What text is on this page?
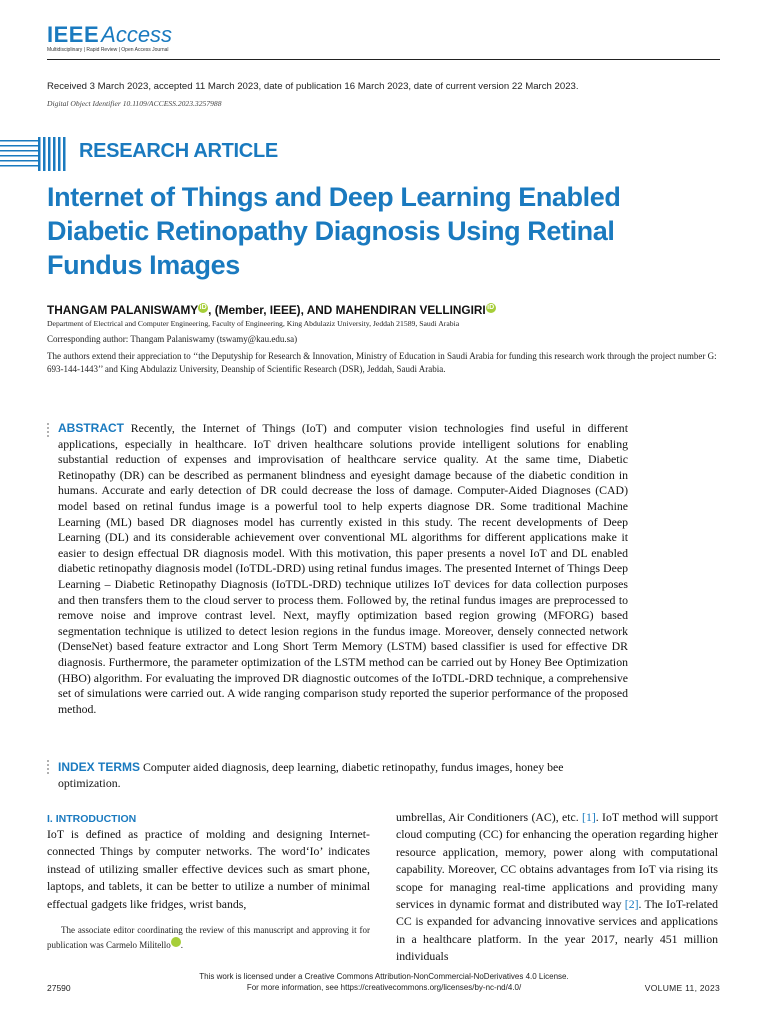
IEEEAccess
Multidisciplinary | Rapid Review | Open Access Journal
Received 3 March 2023, accepted 11 March 2023, date of publication 16 March 2023, date of current version 22 March 2023.
Digital Object Identifier 10.1109/ACCESS.2023.3257988
RESEARCH ARTICLE
Internet of Things and Deep Learning Enabled Diabetic Retinopathy Diagnosis Using Retinal Fundus Images
THANGAM PALANISWAMY iD , (Member, IEEE), AND MAHENDIRAN VELLINGIRI iD
Department of Electrical and Computer Engineering, Faculty of Engineering, King Abdulaziz University, Jeddah 21589, Saudi Arabia
Corresponding author: Thangam Palaniswamy (tswamy@kau.edu.sa)
The authors extend their appreciation to ‘‘the Deputyship for Research & Innovation, Ministry of Education in Saudi Arabia for funding this research work through the project number G: 693-144-1443’’ and King Abdulaziz University, Deanship of Scientific Research (DSR), Jeddah, Saudi Arabia.
ABSTRACT Recently, the Internet of Things (IoT) and computer vision technologies find useful in different applications, especially in healthcare. IoT driven healthcare solutions provide intelligent solutions for enabling substantial reduction of expenses and improvisation of healthcare service quality. At the same time, Diabetic Retinopathy (DR) can be described as permanent blindness and eyesight damage because of the diabetic condition in humans. Accurate and early detection of DR could decrease the loss of damage. Computer-Aided Diagnoses (CAD) model based on retinal fundus image is a powerful tool to help experts diagnose DR. Some traditional Machine Learning (ML) based DR diagnoses model has currently existed in this study. The recent developments of Deep Learning (DL) and its considerable achievement over conventional ML algorithms for different applications make it easier to design effectual DR diagnosis model. With this motivation, this paper presents a novel IoT and DL enabled diabetic retinopathy diagnosis model (IoTDL-DRD) using retinal fundus images. The presented Internet of Things Deep Learning – Diabetic Retinopathy Diagnosis (IoTDL-DRD) technique utilizes IoT devices for data collection purposes and then transfers them to the cloud server to process them. Followed by, the retinal fundus images are preprocessed to remove noise and improve contrast level. Next, mayfly optimization based region growing (MFORG) based segmentation technique is utilized to detect lesion regions in the fundus image. Moreover, densely connected network (DenseNet) based feature extractor and Long Short Term Memory (LSTM) based classifier is used for effective DR diagnosis. Furthermore, the parameter optimization of the LSTM method can be carried out by Honey Bee Optimization (HBO) algorithm. For evaluating the improved DR diagnostic outcomes of the IoTDL-DRD technique, a comprehensive set of simulations were carried out. A wide ranging comparison study reported the superior performance of the proposed method.
INDEX TERMS Computer aided diagnosis, deep learning, diabetic retinopathy, fundus images, honey bee optimization.
I. INTRODUCTION
IoT is defined as practice of molding and designing Internet-connected Things by computer networks. The word‘Io’ indicates instead of utilizing smaller effective devices such as smart phone, laptops, and tablets, it can be better to utilize a number of minimal effectual gadgets like fridges, wrist bands,

The associate editor coordinating the review of this manuscript and approving it for publication was Carmelo Militello iD.

umbrellas, Air Conditioners (AC), etc. [1]. IoT method will support cloud computing (CC) for enhancing the operation regarding higher resource application, memory, power along with computational capability. Moreover, CC obtains advantages from IoT via rising its scope for managing real-time applications and providing many services in dynamic format and distributed way [2]. The IoT-related CC is expanded for advancing innovative services and applications in a healthcare platform. In the year 2017, nearly 451 million individuals
27590
This work is licensed under a Creative Commons Attribution-NonCommercial-NoDerivatives 4.0 License.
For more information, see https://creativecommons.org/licenses/by-nc-nd/4.0/	VOLUME 11, 2023
